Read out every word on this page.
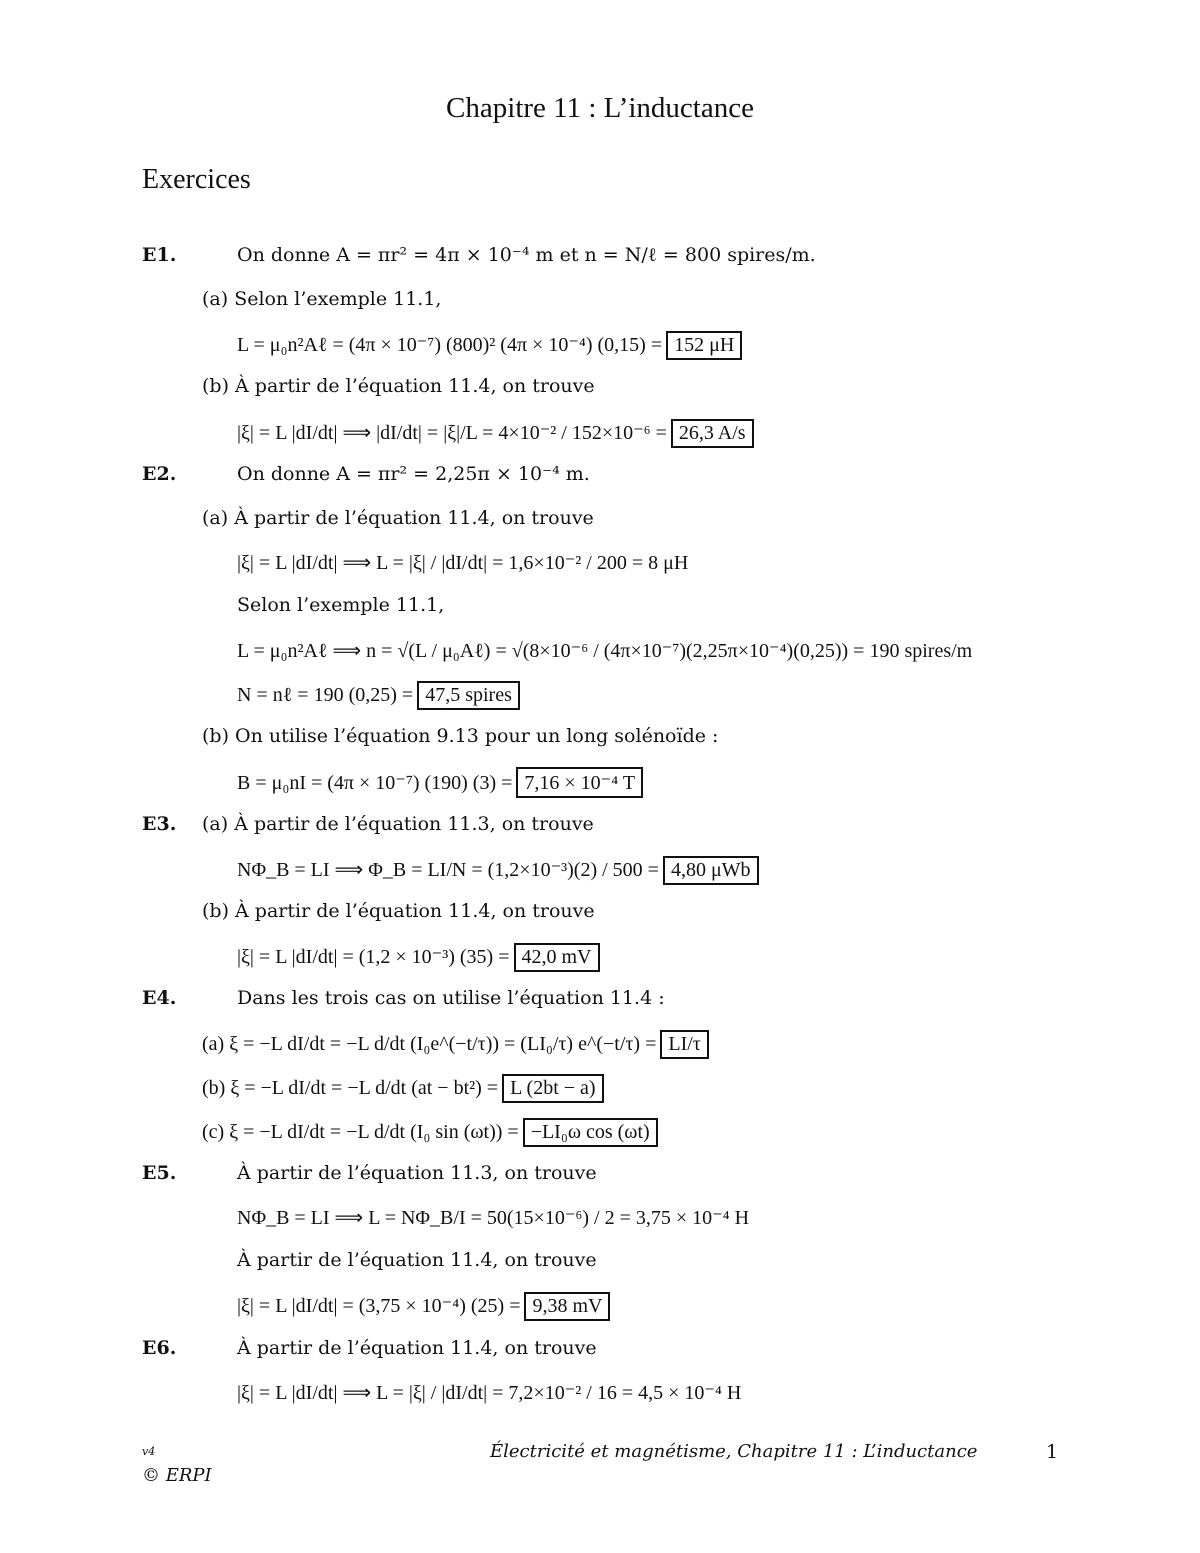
Chapitre 11 : L’inductance
Exercices
E1.	On donne A = πr² = 4π × 10⁻⁴ m et n = N/ℓ = 800 spires/m.
(a) Selon l’exemple 11.1,
L = μ₀n²Aℓ = (4π × 10⁻⁷) (800)² (4π × 10⁻⁴) (0,15) = 152 μH
(b) À partir de l’équation 11.4, on trouve
|ξ| = L |dI/dt| ⟹ |dI/dt| = |ξ|/L = 4×10⁻² / 152×10⁻⁶ = 26,3 A/s
E2.	On donne A = πr² = 2,25π × 10⁻⁴ m.
(a) À partir de l’équation 11.4, on trouve
|ξ| = L |dI/dt| ⟹ L = |ξ| / |dI/dt| = 1,6×10⁻² / 200 = 8 μH
Selon l’exemple 11.1,
L = μ₀n²Aℓ ⟹ n = √(L / μ₀Aℓ) = √(8×10⁻⁶ / (4π×10⁻⁷)(2,25π×10⁻⁴)(0,25)) = 190 spires/m
N = nℓ = 190 (0,25) = 47,5 spires
(b) On utilise l’équation 9.13 pour un long solénoïde :
B = μ₀nI = (4π × 10⁻⁷) (190) (3) = 7,16 × 10⁻⁴ T
E3. (a) À partir de l’équation 11.3, on trouve
NΦ_B = LI ⟹ Φ_B = LI/N = (1,2×10⁻³)(2) / 500 = 4,80 μWb
(b) À partir de l’équation 11.4, on trouve
|ξ| = L |dI/dt| = (1,2 × 10⁻³) (35) = 42,0 mV
E4.	Dans les trois cas on utilise l’équation 11.4 :
(a) ξ = −L dI/dt = −L d/dt (I₀e^(−t/τ)) = (LI₀/τ) e^(−t/τ) = LI/τ
(b) ξ = −L dI/dt = −L d/dt (at − bt²) = L (2bt − a)
(c) ξ = −L dI/dt = −L d/dt (I₀ sin (ωt)) = −LI₀ω cos (ωt)
E5.	À partir de l’équation 11.3, on trouve
NΦ_B = LI ⟹ L = NΦ_B/I = 50(15×10⁻⁶) / 2 = 3,75 × 10⁻⁴ H
À partir de l’équation 11.4, on trouve
|ξ| = L |dI/dt| = (3,75 × 10⁻⁴) (25) = 9,38 mV
E6.	À partir de l’équation 11.4, on trouve
|ξ| = L |dI/dt| ⟹ L = |ξ| / |dI/dt| = 7,2×10⁻² / 16 = 4,5 × 10⁻⁴ H
v4
© ERPI
Électricité et magnétisme, Chapitre 11 : L’inductance	1
